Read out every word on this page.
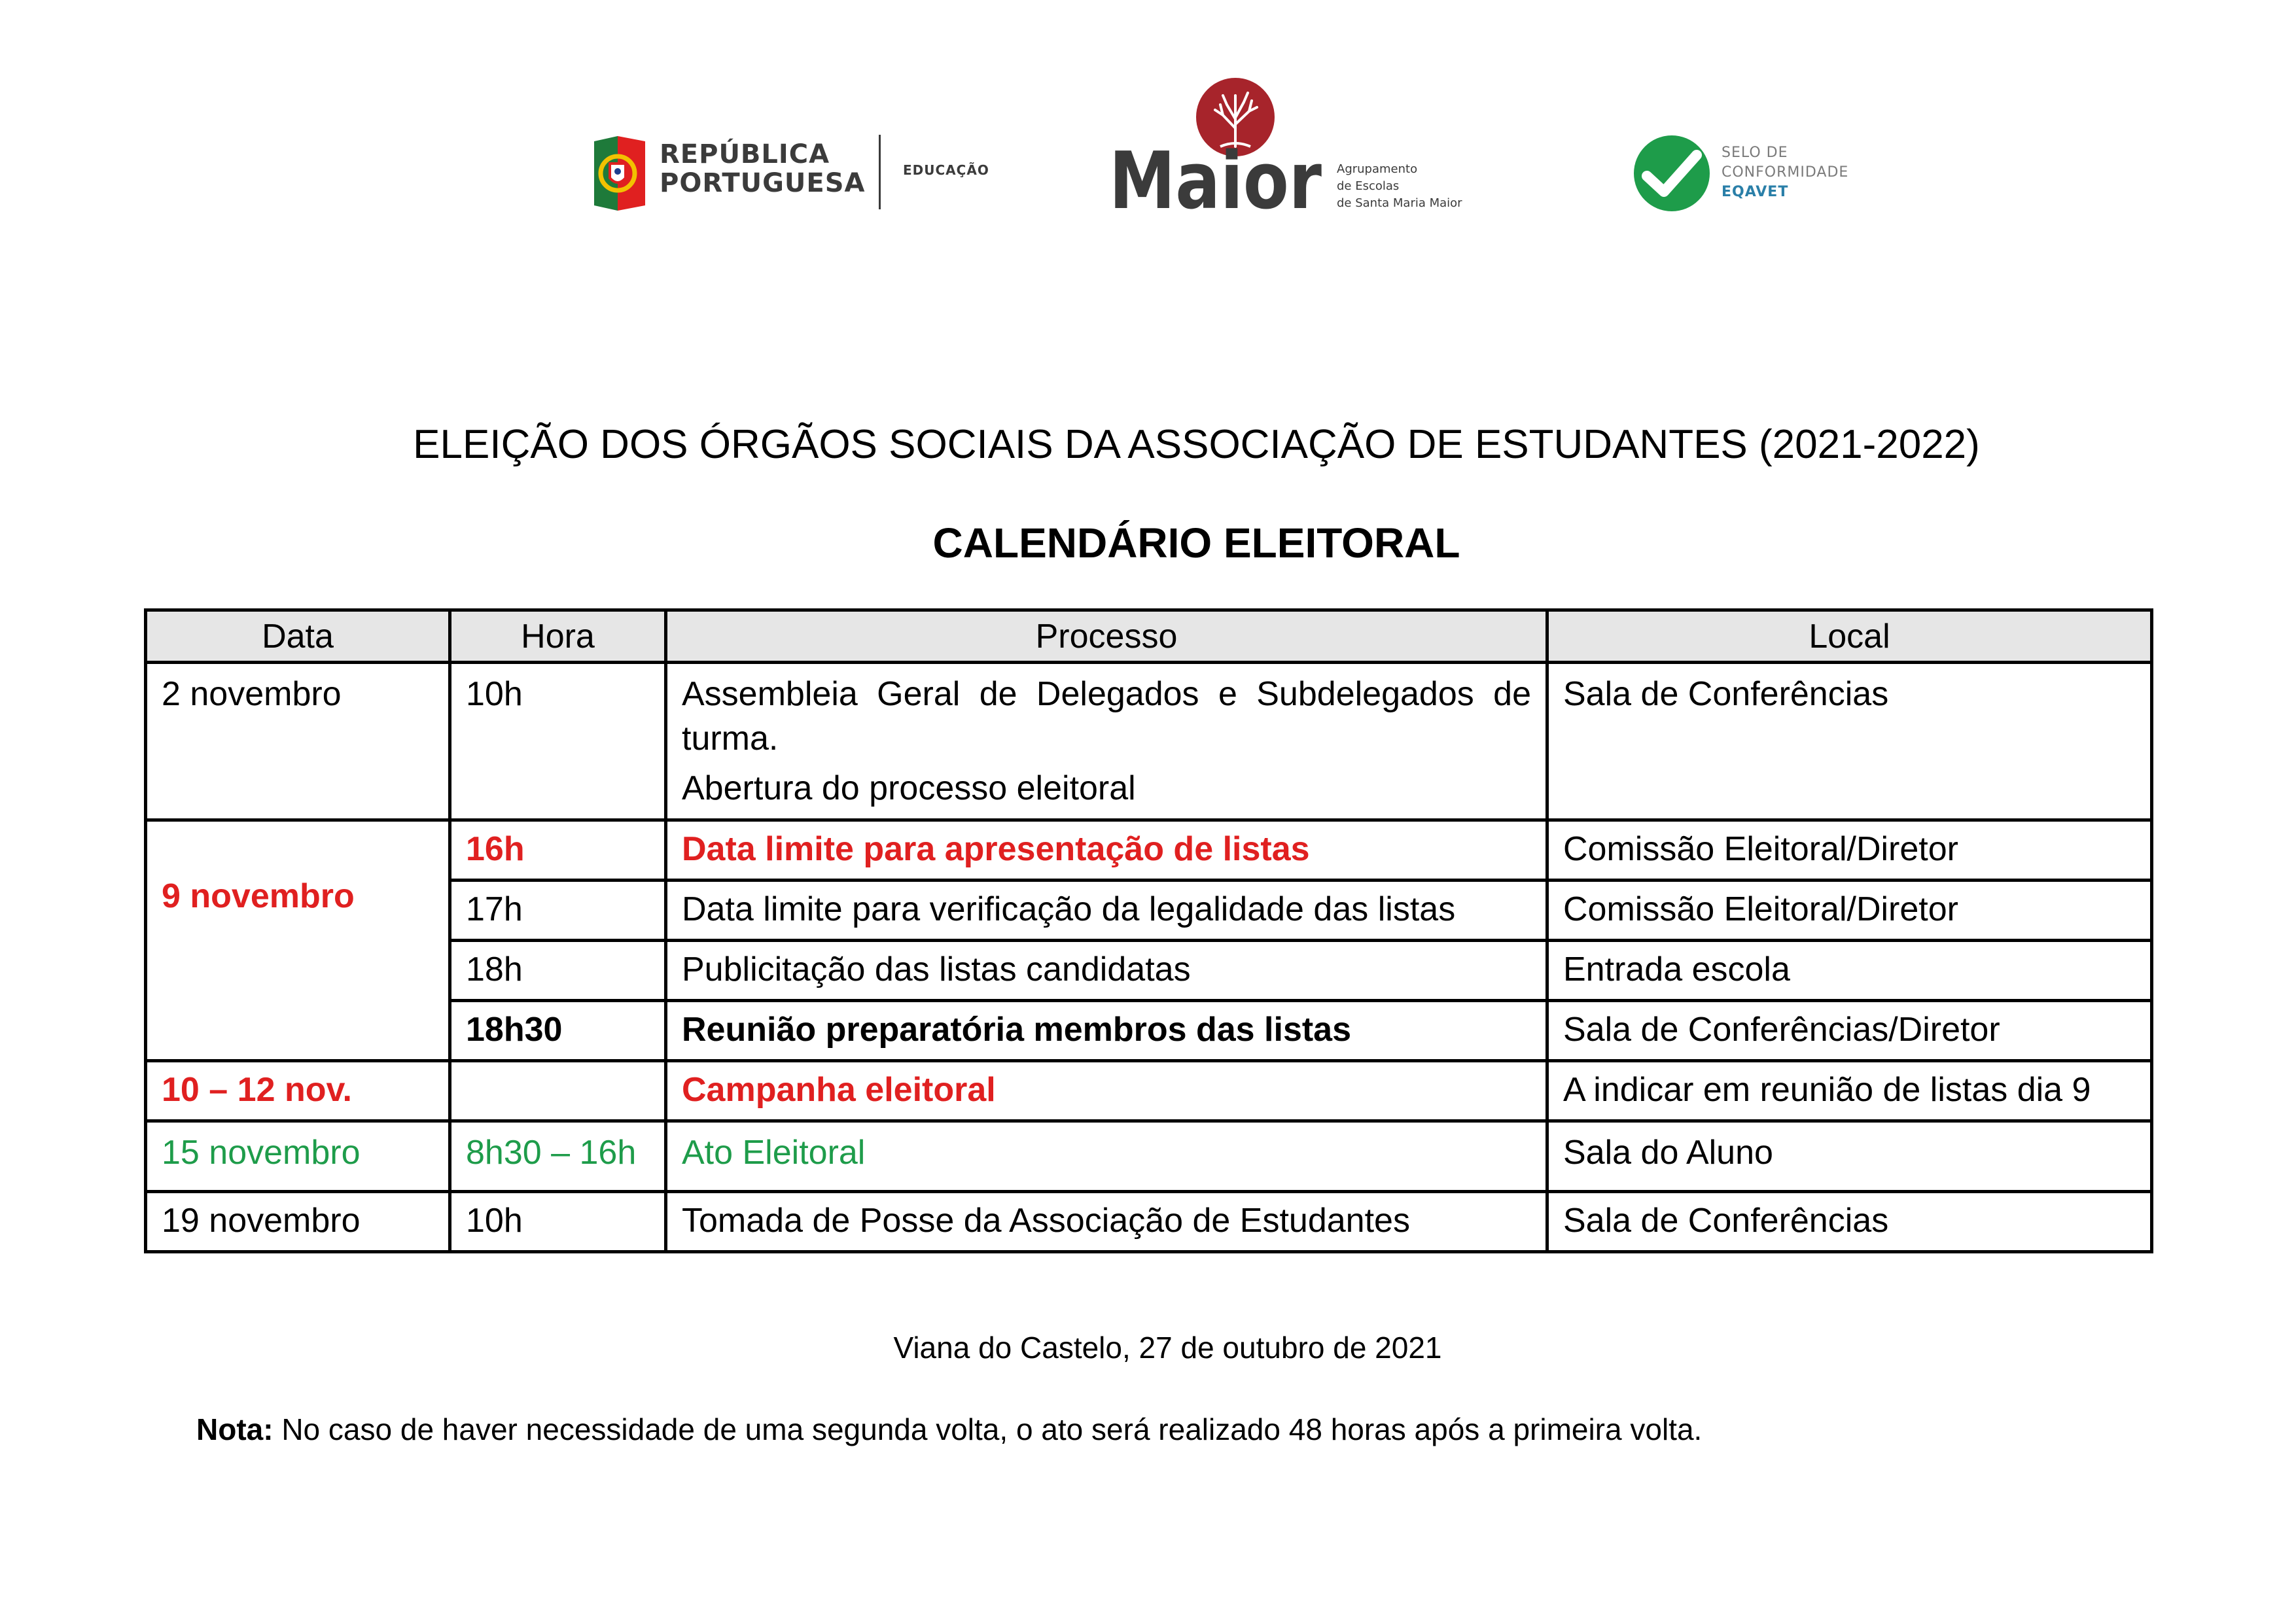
REPÚBLICA
PORTUGUESA	EDUCAÇÃO Maior Agrupamento
de Escolas
de Santa Maria Maior
SELO DE
CONFORMIDADE
EQAVET
ELEIÇÃO DOS ÓRGÃOS SOCIAIS DA ASSOCIAÇÃO DE ESTUDANTES (2021-2022)
CALENDÁRIO ELEITORAL
Data	Hora	Processo	Local
2 novembro	10h	Assembleia Geral de Delegados e Subdelegados de turma.

Abertura do processo eleitoral	Sala de Conferências
9 novembro	16h	Data limite para apresentação de listas	Comissão Eleitoral/Diretor
	17h	Data limite para verificação da legalidade das listas	Comissão Eleitoral/Diretor
	18h	Publicitação das listas candidatas	Entrada escola
	18h30	Reunião preparatória membros das listas	Sala de Conferências/Diretor
10 – 12 nov.		Campanha eleitoral	A indicar em reunião de listas dia 9
15 novembro	8h30 – 16h	Ato Eleitoral	Sala do Aluno
19 novembro	10h	Tomada de Posse da Associação de Estudantes	Sala de Conferências
Viana do Castelo, 27 de outubro de 2021
Nota: No caso de haver necessidade de uma segunda volta, o ato será realizado 48 horas após a primeira volta.
